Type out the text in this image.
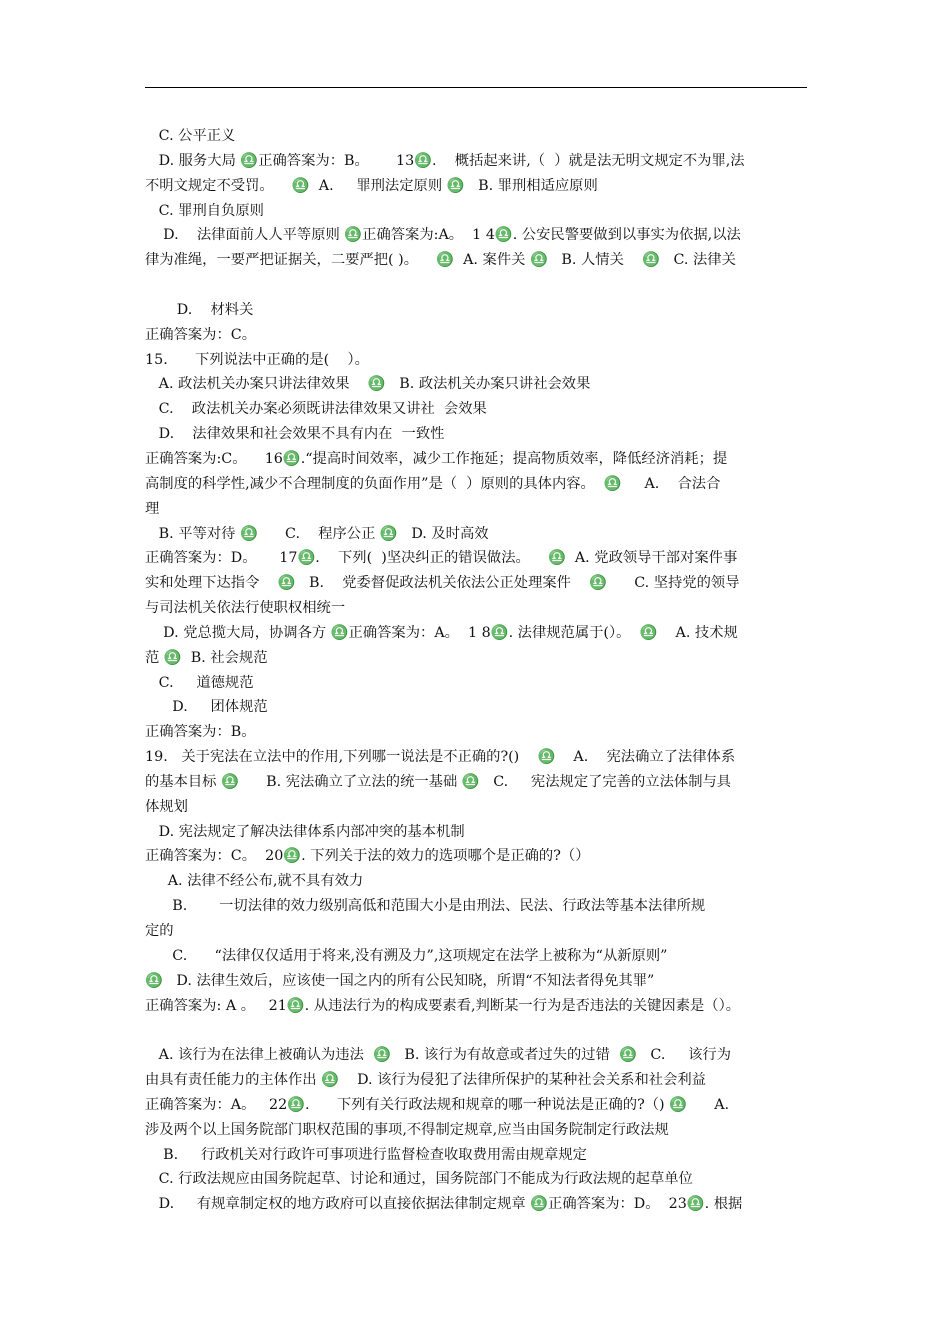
C. 公平正义
D. 服务大局 ♎正确答案为：B。      13♎.    概括起来讲,（  ）就是法无明文规定不为罪,法
不明文规定不受罚。    ♎  A.     罪刑法定原则 ♎   B. 罪刑相适应原则
C. 罪刑自负原则
D.    法律面前人人平等原则 ♎正确答案为:A。  1 4♎. 公安民警要做到以事实为依据,以法
律为准绳，一要严把证据关，二要严把( )。    ♎  A. 案件关 ♎   B. 人情关    ♎   C. 法律关
D.    材料关
正确答案为：C。
15.      下列说法中正确的是(    ）。
A. 政法机关办案只讲法律效果    ♎   B. 政法机关办案只讲社会效果
C.    政法机关办案必须既讲法律效果又讲社  会效果
D.    法律效果和社会效果不具有内在  一致性
正确答案为:C。    16♎.“提高时间效率，减少工作拖延；提高物质效率，降低经济消耗；提
高制度的科学性,减少不合理制度的负面作用”是（  ）原则的具体内容。  ♎     A.    合法合
理
B. 平等对待 ♎      C.    程序公正 ♎   D. 及时高效
正确答案为：D。     17♎.    下列(  )坚决纠正的错误做法。    ♎  A. 党政领导干部对案件事
实和处理下达指令    ♎   B.    党委督促政法机关依法公正处理案件    ♎      C. 坚持党的领导
与司法机关依法行使职权相统一
D. 党总揽大局，协调各方 ♎正确答案为：A。  1 8♎. 法律规范属于(）。  ♎    A. 技术规
范 ♎  B. 社会规范
C.     道德规范
D.     团体规范
正确答案为：B。
19.   关于宪法在立法中的作用,下列哪一说法是不正确的?()    ♎    A.    宪法确立了法律体系
的基本目标 ♎      B. 宪法确立了立法的统一基础 ♎   C.     宪法规定了完善的立法体制与具
体规划
D. 宪法规定了解决法律体系内部冲突的基本机制
正确答案为：C。  20♎. 下列关于法的效力的选项哪个是正确的?（）
A. 法律不经公布,就不具有效力
B.       一切法律的效力级别高低和范围大小是由刑法、民法、行政法等基本法律所规
定的
C.      “法律仅仅适用于将来,没有溯及力”,这项规定在法学上被称为“从新原则”
♎   D. 法律生效后，应该使一国之内的所有公民知晓，所谓“不知法者得免其罪”
正确答案为: A 。   21♎. 从违法行为的构成要素看,判断某一行为是否违法的关键因素是（）。
A. 该行为在法律上被确认为违法  ♎   B. 该行为有故意或者过失的过错  ♎   C.     该行为
由具有责任能力的主体作出 ♎    D. 该行为侵犯了法律所保护的某种社会关系和社会利益
正确答案为：A。   22♎.      下列有关行政法规和规章的哪一种说法是正确的?（) ♎      A.
涉及两个以上国务院部门职权范围的事项,不得制定规章,应当由国务院制定行政法规
B.     行政机关对行政许可事项进行监督检查收取费用需由规章规定
C. 行政法规应由国务院起草、讨论和通过，国务院部门不能成为行政法规的起草单位
D.     有规章制定权的地方政府可以直接依据法律制定规章 ♎正确答案为：D。  23♎. 根据
